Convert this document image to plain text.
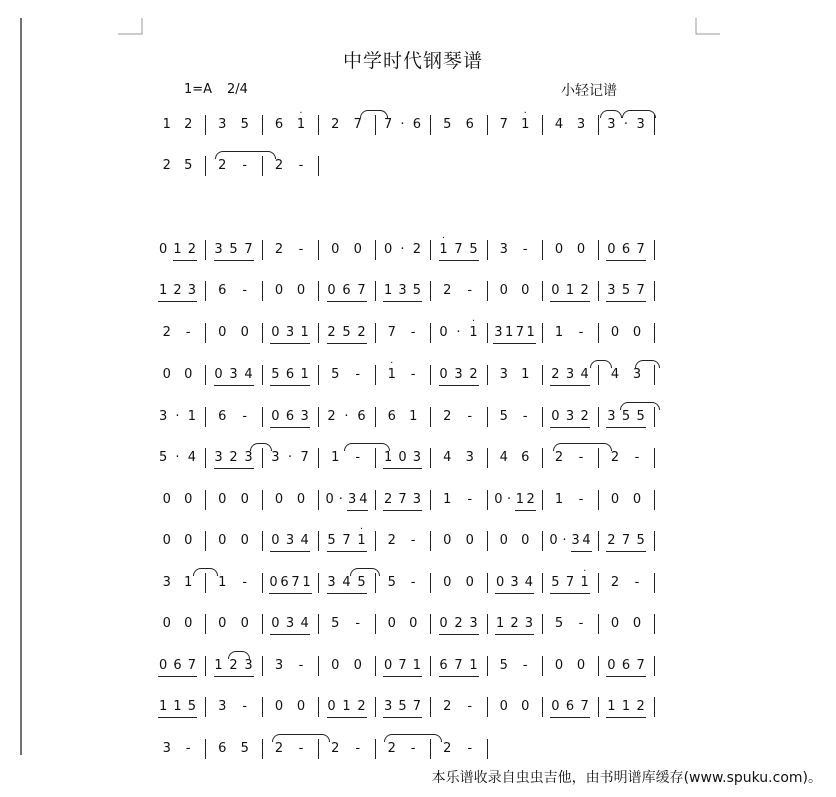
中学时代钢琴谱
1=A 2/4	小轻记谱
1 2 3 5 6 1
·
2 7 7 · 6 5 6 7 1
·
4 3 3 · 3
2 5 2 - 2 -
0 1 2 3 5 7 2 - 0 0 0 · 2 1
·
7 5 3 - 0 0 0 6 7
1 2 3 6 - 0 0 0 6 7 1 3 5 2 - 0 0 0 1 2 3 5 7
2 - 0 0 0 3 1 2 5 2 7 - 0 · 1
·
3 1 7 1 1 - 0 0
0 0 0 3 4 5 6 1 5 - 1
·
- 0 3 2 3 1 2 3 4 4 3
3 · 1 6 - 0 6 3 2 · 6 6 1 2 - 5 - 0 3 2 3 5 5
5 · 4 3 2 3 3 · 7 1 - 1 0 3 4 3 4 6 2 - 2 -
0 0 0 0 0 0 0 · 3 4 2 7 3 1 - 0 · 1 2 1 - 0 0
0 0 0 0 0 3 4 5 7 1
·
2 - 0 0 0 0 0 · 3 4 2 7 5
3 1 1 - 0 6 7 1 3 4 5 5 - 0 0 0 3 4 5 7 1
·
2 -
0 0 0 0 0 3 4 5 - 0 0 0 2 3 1 2 3 5 - 0 0
0 6 7 1 2 3 3 - 0 0 0 7 1 6 7 1 5 - 0 0 0 6 7
1 1 5 3 - 0 0 0 1 2 3 5 7 2 - 0 0 0 6 7 1 1 2
3 - 6 5 2 - 2 - 2 - 2 -
本乐谱收录自虫虫吉他，由书明谱库缓存(www.spuku.com)。
